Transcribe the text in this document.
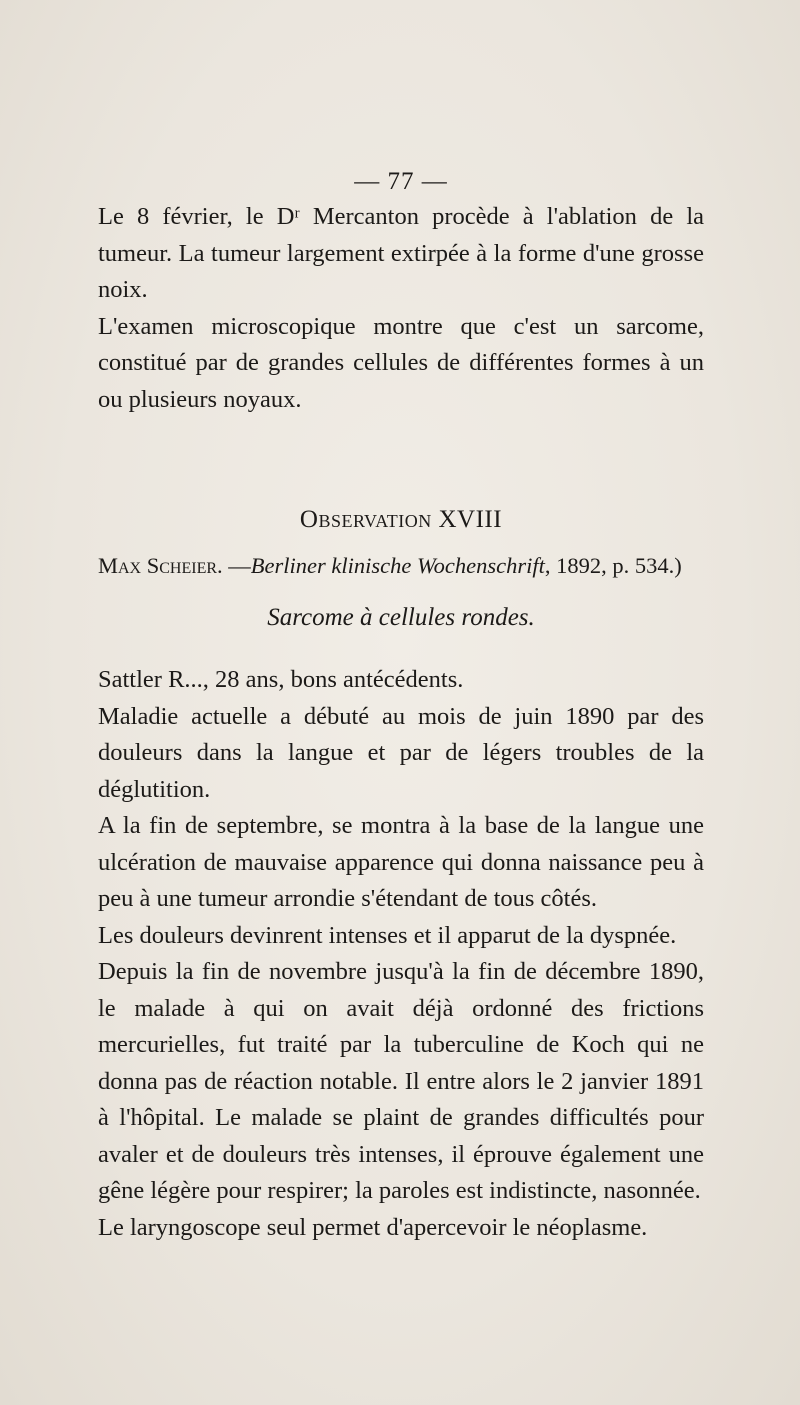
— 77 —

Le 8 février, le Dʳ Mercanton procède à l'ablation de la tumeur. La tumeur largement extirpée à la forme d'une grosse noix.

L'examen microscopique montre que c'est un sarcome, constitué par de grandes cellules de différentes formes à un ou plusieurs noyaux.

Observation XVIII
Max Scheier. —Berliner klinische Wochenschrift, 1892, p. 534.)
Sarcome à cellules rondes.

Sattler R..., 28 ans, bons antécédents.

Maladie actuelle a débuté au mois de juin 1890 par des douleurs dans la langue et par de légers troubles de la déglutition.

A la fin de septembre, se montra à la base de la langue une ulcération de mauvaise apparence qui donna naissance peu à peu à une tumeur arrondie s'étendant de tous côtés.

Les douleurs devinrent intenses et il apparut de la dyspnée.

Depuis la fin de novembre jusqu'à la fin de décembre 1890, le malade à qui on avait déjà ordonné des frictions mercurielles, fut traité par la tuberculine de Koch qui ne donna pas de réaction notable. Il entre alors le 2 janvier 1891 à l'hôpital. Le malade se plaint de grandes difficultés pour avaler et de douleurs très intenses, il éprouve également une gêne légère pour respirer; la paroles est indistincte, nasonnée.

Le laryngoscope seul permet d'apercevoir le néoplasme.
